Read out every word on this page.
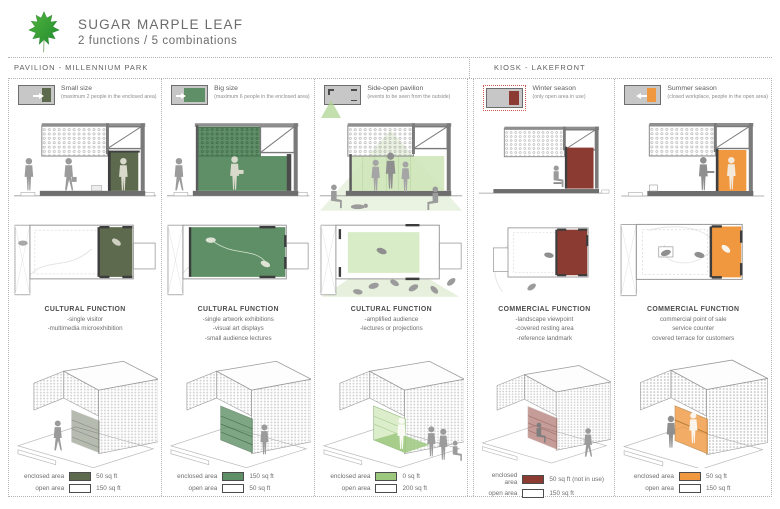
SUGAR MARPLE LEAF
2 functions / 5 combinations
PAVILION - MILLENNIUM PARK	KIOSK - LAKEFRONT
Small size
(maximum 2 people in the enclosed area)
CULTURAL FUNCTION
-single visitor
-multimedia microexhibition
enclosed area	50 sq ft
open area	150 sq ft
Big size
(maximum 6 people in the enclosed area)
CULTURAL FUNCTION
-single artwork exhibitions
-visual art displays
-small audience lectures
enclosed area	150 sq ft
open area	50 sq ft
Side-open pavilion
(events to be seen from the outside)
CULTURAL FUNCTION
-amplified audience
-lectures or projections
enclosed area	0 sq ft
open area	200 sq ft
Winter season
(only open area in use)
COMMERCIAL FUNCTION
-landscape viewpoint
-covered resting area
-reference landmark
enclosed area	50 sq ft (not in use)
open area	150 sq ft
Summer season
(closed workplace, people in the open area)
COMMERCIAL FUNCTION
commercial point of sale
service counter
covered terrace for customers
enclosed area	50 sq ft
open area	150 sq ft
